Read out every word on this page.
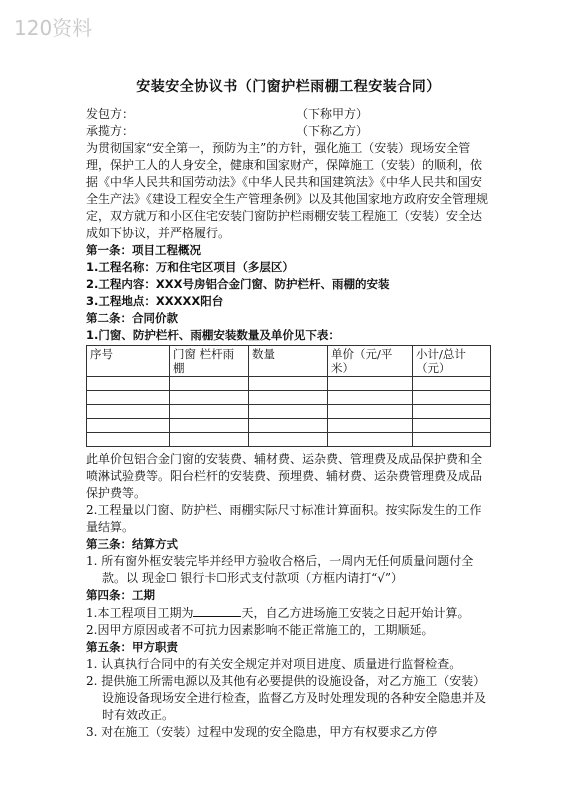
120资料
安装安全协议书（门窗护栏雨棚工程安装合同）
发包方：	（下称甲方）
承揽方：	（下称乙方）

为贯彻国家“安全第一，预防为主”的方针，强化施工（安装）现场安全管理，保护工人的人身安全，健康和国家财产，保障施工（安装）的顺利，依据《中华人民共和国劳动法》《中华人民共和国建筑法》《中华人民共和国安全生产法》《建设工程安全生产管理条例》以及其他国家地方政府安全管理规定，双方就万和小区住宅安装门窗防护栏雨棚安装工程施工（安装）安全达成如下协议，并严格履行。

第一条：项目工程概况
1.工程名称：万和住宅区项目（多层区）
2.工程内容：XXX号房铝合金门窗、防护栏杆、雨棚的安装
3.工程地点：XXXXX阳台
第二条：合同价款
1.门窗、防护栏杆、雨棚安装数量及单价见下表：
序号	门窗 栏杆雨棚	数量	单价（元/平米）	小计/总计（元）

此单价包铝合金门窗的安装费、辅材费、运杂费、管理费及成品保护费和全喷淋试验费等。阳台栏杆的安装费、预埋费、辅材费、运杂费管理费及成品保护费等。

2.工程量以门窗、防护栏、雨棚实际尺寸标准计算面积。按实际发生的工作量结算。

第三条：结算方式

1. 所有窗外框安装完毕并经甲方验收合格后，一周内无任何质量问题付全款。以 现金☐ 银行卡☐形式支付款项（方框内请打“√”）

第四条：工期

1.本工程项目工期为	天，自乙方进场施工安装之日起开始计算。

2.因甲方原因或者不可抗力因素影响不能正常施工的，工期顺延。

第五条：甲方职责

1. 认真执行合同中的有关安全规定并对项目进度、质量进行监督检查。

2. 提供施工所需电源以及其他有必要提供的设施设备，对乙方施工（安装）设施设备现场安全进行检查，监督乙方及时处理发现的各种安全隐患并及时有效改正。

3. 对在施工（安装）过程中发现的安全隐患，甲方有权要求乙方停
